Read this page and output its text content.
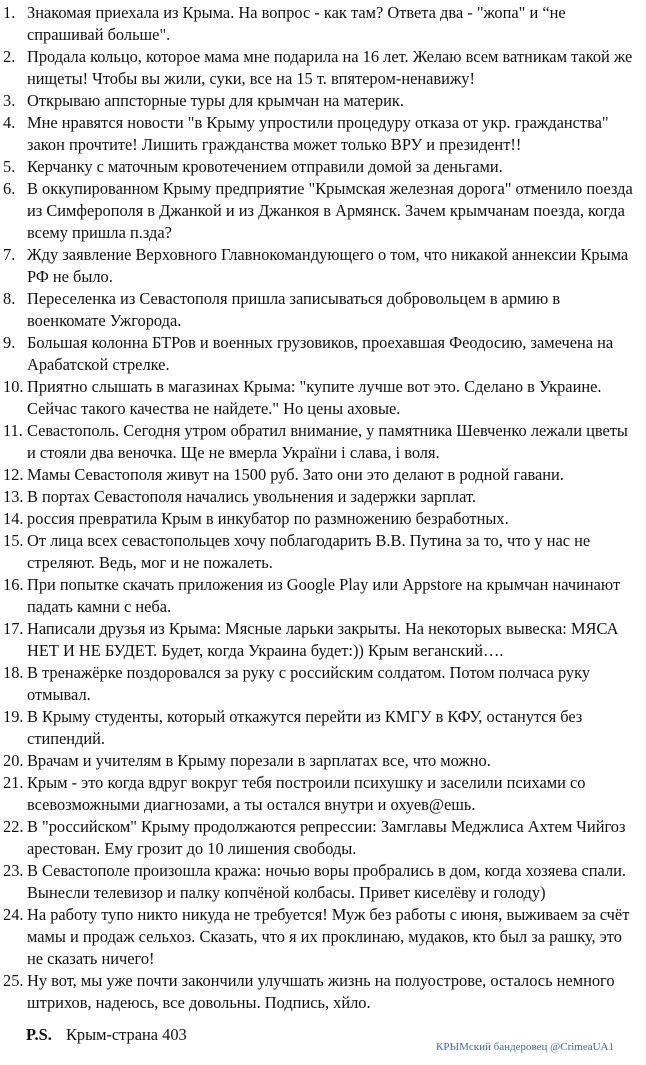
1. Знакомая приехала из Крыма. На вопрос - как там? Ответа два - "жопа" и “не спрашивай больше".
2. Продала кольцо, которое мама мне подарила на 16 лет. Желаю всем ватникам такой же нищеты! Чтобы вы жили, суки, все на 15 т. впятером-ненавижу!
3. Открываю аппсторные туры для крымчан на материк.
4. Мне нравятся новости "в Крыму упростили процедуру отказа от укр. гражданства" закон прочтите! Лишить гражданства может только ВРУ и президент!!
5. Керчанку с маточным кровотечением отправили домой за деньгами.
6. В оккупированном Крыму предприятие "Крымская железная дорога" отменило поезда из Симферополя в Джанкой и из Джанкоя в Армянск. Зачем крымчанам поезда, когда всему пришла п.зда?
7. Жду заявление Верховного Главнокомандующего о том, что никакой аннексии Крыма РФ не было.
8. Переселенка из Севастополя пришла записываться добровольцем в армию в военкомате Ужгорода.
9. Большая колонна БТРов и военных грузовиков, проехавшая Феодосию, замечена на Арабатской стрелке.
10. Приятно слышать в магазинах Крыма: "купите лучше вот это. Сделано в Украине. Сейчас такого качества не найдете." Но цены аховые.
11. Севастополь. Сегодня утром обратил внимание, у памятника Шевченко лежали цветы и стояли два веночка. Ще не вмерла України і слава, і воля.
12. Мамы Севастополя живут на 1500 руб. Зато они это делают в родной гавани.
13. В портах Севастополя начались увольнения и задержки зарплат.
14. россия превратила Крым в инкубатор по размножению безработных.
15. От лица всех севастопольцев хочу поблагодарить В.В. Путина за то, что у нас не стреляют. Ведь, мог и не пожалеть.
16. При попытке скачать приложения из Google Play или Appstore на крымчан начинают падать камни с неба.
17. Написали друзья из Крыма: Мясные ларьки закрыты. На некоторых вывеска: МЯСА НЕТ И НЕ БУДЕТ. Будет, когда Украина будет:)) Крым веганский….
18. В тренажёрке поздоровался за руку с российским солдатом. Потом полчаса руку отмывал.
19. В Крыму студенты, который откажутся перейти из КМГУ в КФУ, останутся без стипендий.
20. Врачам и учителям в Крыму порезали в зарплатах все, что можно.
21. Крым - это когда вдруг вокруг тебя построили психушку и заселили психами со всевозможными диагнозами, а ты остался внутри и охуев@ешь.
22. В "российском" Крыму продолжаются репрессии: Замглавы Меджлиса Ахтем Чийгоз арестован. Ему грозит до 10 лишения свободы.
23. В Севастополе произошла кража: ночью воры пробрались в дом, когда хозяева спали. Вынесли телевизор и палку копчёной колбасы. Привет киселёву и голоду)
24. На работу тупо никто никуда не требуется! Муж без работы с июня, выживаем за счёт мамы и продаж сельхоз. Сказать, что я их проклинаю, мудаков, кто был за рашку, это не сказать ничего!
25. Ну вот, мы уже почти закончили улучшать жизнь на полуострове, осталось немного штрихов, надеюсь, все довольны. Подпись, хйло.
P.S. Крым-страна 403
КРЫМский бандеровец @CrimeaUA1
